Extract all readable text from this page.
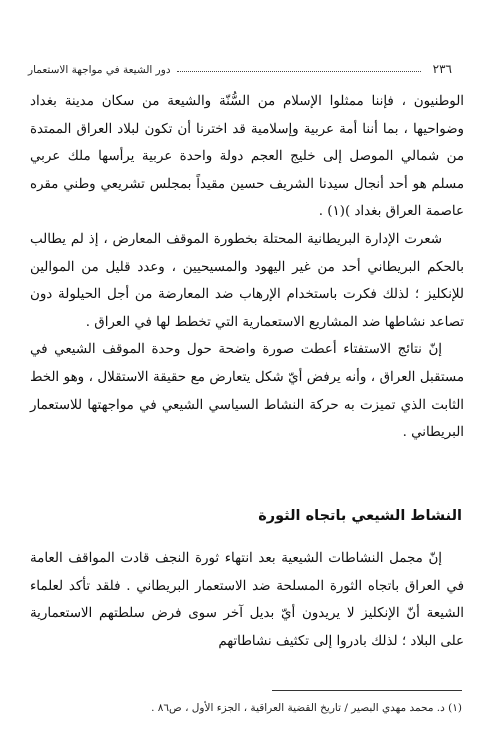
٢٣٦
دور الشيعة في مواجهة الاستعمار

الوطنيون ، فإننا ممثلوا الإسلام من السُّنّة والشيعة من سكان مدينة بغداد وضواحيها ، بما أننا أمة عربية وإسلامية قد اخترنا أن تكون لبلاد العراق الممتدة من شمالي الموصل إلى خليج العجم دولة واحدة عربية يرأسها ملك عربي مسلم هو أحد أنجال سيدنا الشريف حسين مقيداً بمجلس تشريعي وطني مقره عاصمة العراق بغداد )(١) .

شعرت الإدارة البريطانية المحتلة بخطورة الموقف المعارض ، إذ لم يطالب بالحكم البريطاني أحد من غير اليهود والمسيحيين ، وعدد قليل من الموالين للإنكليز ؛ لذلك فكرت باستخدام الإرهاب ضد المعارضة من أجل الحيلولة دون تصاعد نشاطها ضد المشاريع الاستعمارية التي تخطط لها في العراق .

إنّ نتائج الاستفتاء أعطت صورة واضحة حول وحدة الموقف الشيعي في مستقبل العراق ، وأنه يرفض أيّ شكل يتعارض مع حقيقة الاستقلال ، وهو الخط الثابت الذي تميزت به حركة النشاط السياسي الشيعي في مواجهتها للاستعمار البريطاني .

النشاط الشيعي باتجاه الثورة

إنّ مجمل النشاطات الشيعية بعد انتهاء ثورة النجف قادت المواقف العامة في العراق باتجاه الثورة المسلحة ضد الاستعمار البريطاني . فلقد تأكد لعلماء الشيعة أنّ الإنكليز لا يريدون أيّ بديل آخر سوى فرض سلطتهم الاستعمارية على البلاد ؛ لذلك بادروا إلى تكثيف نشاطاتهم

(١) د. محمد مهدي البصير / تاريخ القضية العراقية ، الجزء الأول ، ص٨٦ .
